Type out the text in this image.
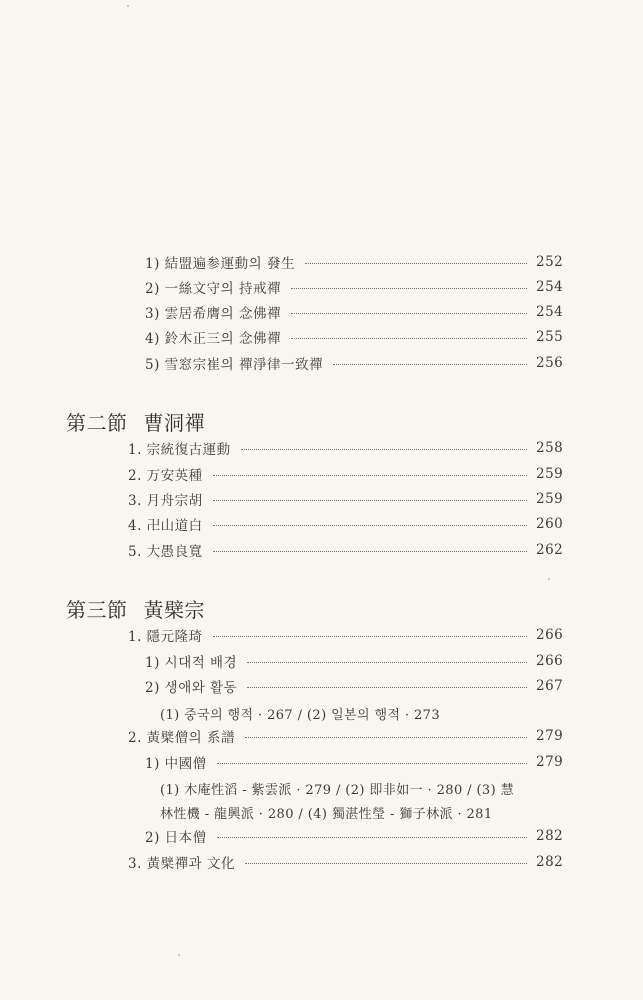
1) 結盟遍参運動의 發生	252
2) 一絲文守의 持戒禪	254
3) 雲居希膺의 念佛禪	254
4) 鈴木正三의 念佛禪	255
5) 雪窓宗崔의 禪淨律一致禪	256
第二節 曹洞禪
1. 宗統復古運動	258
2. 万安英種	259
3. 月舟宗胡	259
4. 卍山道白	260
5. 大愚良寬	262
第三節 黃檗宗
1. 隱元隆琦	266
1) 시대적 배경	266
2) 생애와 활동	267
(1) 중국의 행적 · 267 / (2) 일본의 행적 · 273
2. 黃檗僧의 系譜	279
1) 中國僧	279
(1) 木庵性滔 - 紫雲派 · 279 / (2) 即非如一 · 280 / (3) 慧
林性機 - 龍興派 · 280 / (4) 獨湛性瑩 - 獅子林派 · 281
2) 日本僧	282
3. 黃檗禪과 文化	282
